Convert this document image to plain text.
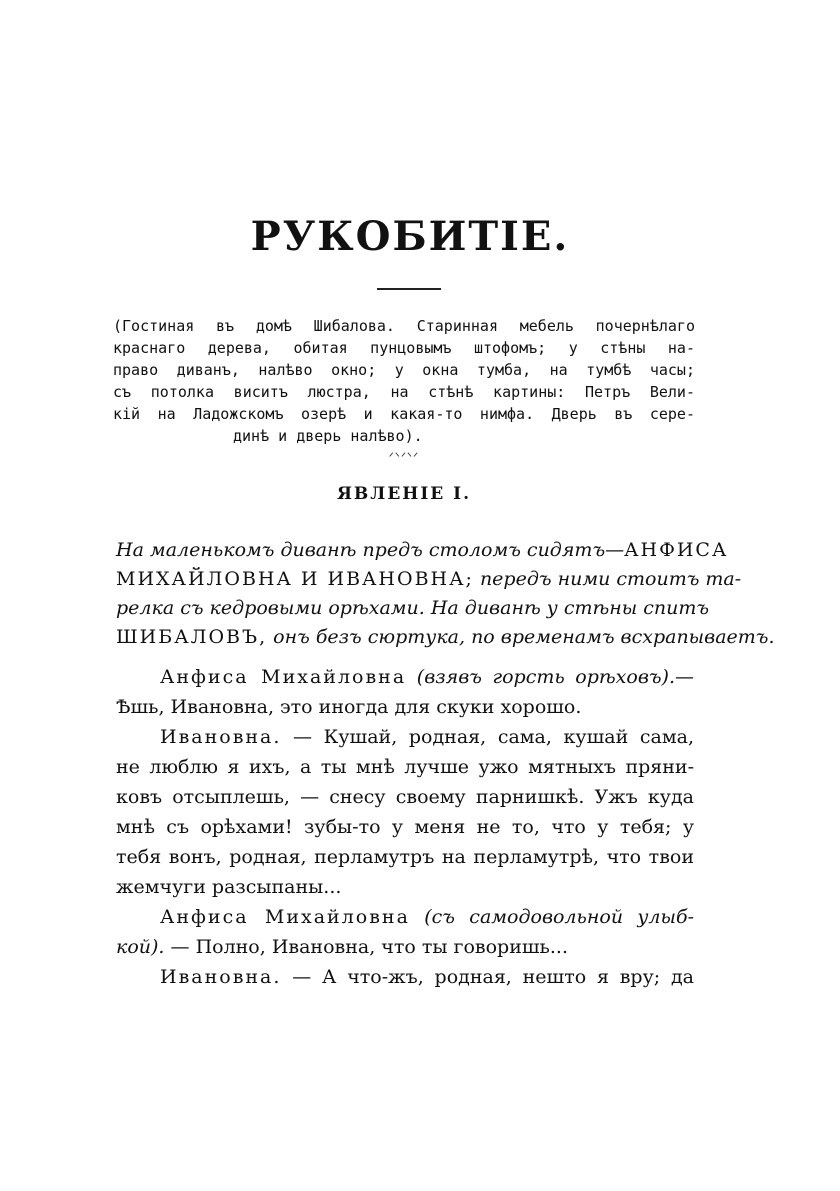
РУКОБИТІЕ.
(Гостиная въ домѣ Шибалова. Старинная мебель почернѣлаго
краснаго дерева, обитая пунцовымъ штофомъ; у стѣны на-
право диванъ, налѣво окно; у окна тумба, на тумбѣ часы;
съ потолка виситъ люстра, на стѣнѣ картины: Петръ Вели-
кій на Ладожскомъ озерѣ и какая-то нимфа. Дверь въ сере-
динѣ и дверь налѣво).
ᐟᐠᐟᐠᐟ
ЯВЛЕНІЕ I.
На маленькомъ диванѣ предъ столомъ сидятъ—АНФИСА
МИХАЙЛОВНА И ИВАНОВНА; передъ ними стоитъ та-
релка съ кедровыми орѣхами. На диванѣ у стѣны спитъ
ШИБАЛОВЪ, онъ безъ сюртука, по временамъ всхрапываетъ.
Анфиса Михайловна (взявъ горсть орѣховъ).—
Ѣшь, Ивановна, это иногда для скуки хорошо.
Ивановна. — Кушай, родная, сама, кушай сама,
не люблю я ихъ, а ты мнѣ лучше ужо мятныхъ пряни-
ковъ отсыплешь, — снесу своему парнишкѣ. Ужъ куда
мнѣ съ орѣхами! зубы-то у меня не то, что у тебя; у
тебя вонъ, родная, перламутръ на перламутрѣ, что твои
жемчуги разсыпаны...
Анфиса Михайловна (съ самодовольной улыб-
кой). — Полно, Ивановна, что ты говоришь...
Ивановна. — А что-жъ, родная, нешто я вру; да
